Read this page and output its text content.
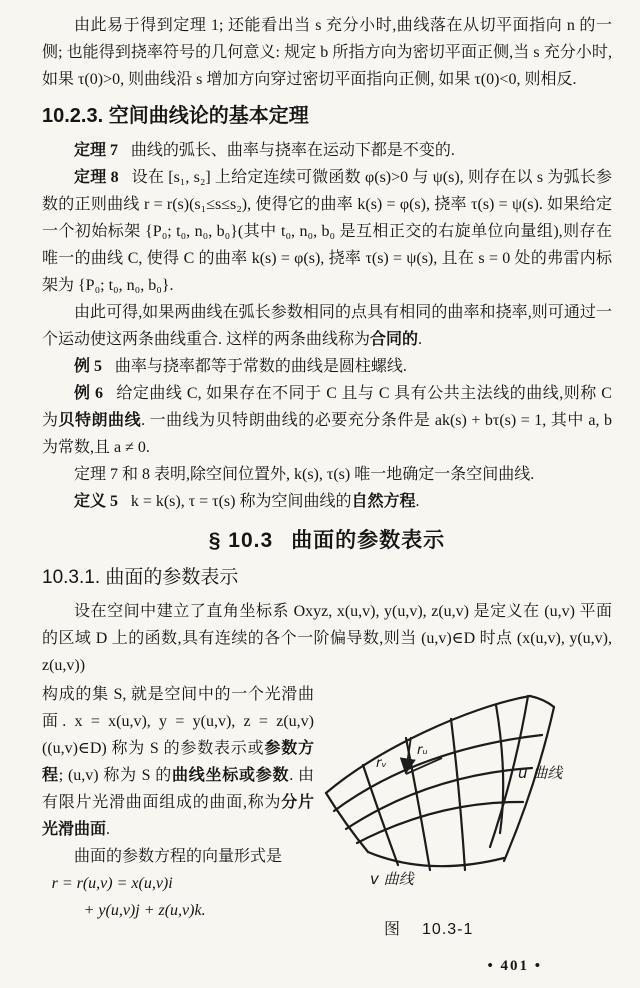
由此易于得到定理 1; 还能看出当 s 充分小时,曲线落在从切平面指向 n 的一侧; 也能得到挠率符号的几何意义: 规定 b 所指方向为密切平面正侧,当 s 充分小时, 如果 τ(0)>0, 则曲线沿 s 增加方向穿过密切平面指向正侧, 如果 τ(0)<0, 则相反.

10.2.3. 空间曲线论的基本定理

定理 7 曲线的弧长、曲率与挠率在运动下都是不变的.

定理 8 设在 [s₁, s₂] 上给定连续可微函数 φ(s)>0 与 ψ(s), 则存在以 s 为弧长参数的正则曲线 r = r(s)(s₁≤s≤s₂), 使得它的曲率 k(s) = φ(s), 挠率 τ(s) = ψ(s). 如果给定一个初始标架 {P₀; t₀, n₀, b₀}(其中 t₀, n₀, b₀ 是互相正交的右旋单位向量组),则存在唯一的曲线 C, 使得 C 的曲率 k(s) = φ(s), 挠率 τ(s) = ψ(s), 且在 s = 0 处的弗雷内标架为 {P₀; t₀, n₀, b₀}.

由此可得,如果两曲线在弧长参数相同的点具有相同的曲率和挠率,则可通过一个运动使这两条曲线重合. 这样的两条曲线称为合同的.

例 5 曲率与挠率都等于常数的曲线是圆柱螺线.

例 6 给定曲线 C, 如果存在不同于 C 且与 C 具有公共主法线的曲线,则称 C 为贝特朗曲线. 一曲线为贝特朗曲线的必要充分条件是 ak(s) + bτ(s) = 1, 其中 a, b 为常数,且 a ≠ 0.

定理 7 和 8 表明,除空间位置外, k(s), τ(s) 唯一地确定一条空间曲线.

定义 5 k = k(s), τ = τ(s) 称为空间曲线的自然方程.

§ 10.3 曲面的参数表示
10.3.1. 曲面的参数表示

设在空间中建立了直角坐标系 Oxyz, x(u,v), y(u,v), z(u,v) 是定义在 (u,v) 平面的区域 D 上的函数,具有连续的各个一阶偏导数,则当 (u,v)∈D 时点 (x(u,v), y(u,v), z(u,v))

构成的集 S, 就是空间中的一个光滑曲面. x = x(u,v), y = y(u,v), z = z(u,v)((u,v)∈D) 称为 S 的参数表示或参数方程; (u,v) 称为 S 的曲线坐标或参数. 由有限片光滑曲面组成的曲面,称为分片光滑曲面.

曲面的参数方程的向量形式是

r = r(u,v) = x(u,v)i

+ y(u,v)j + z(u,v)k.

rᵥ
rᵤ
u 曲线
v 曲线
图 10.3-1
• 401 •
